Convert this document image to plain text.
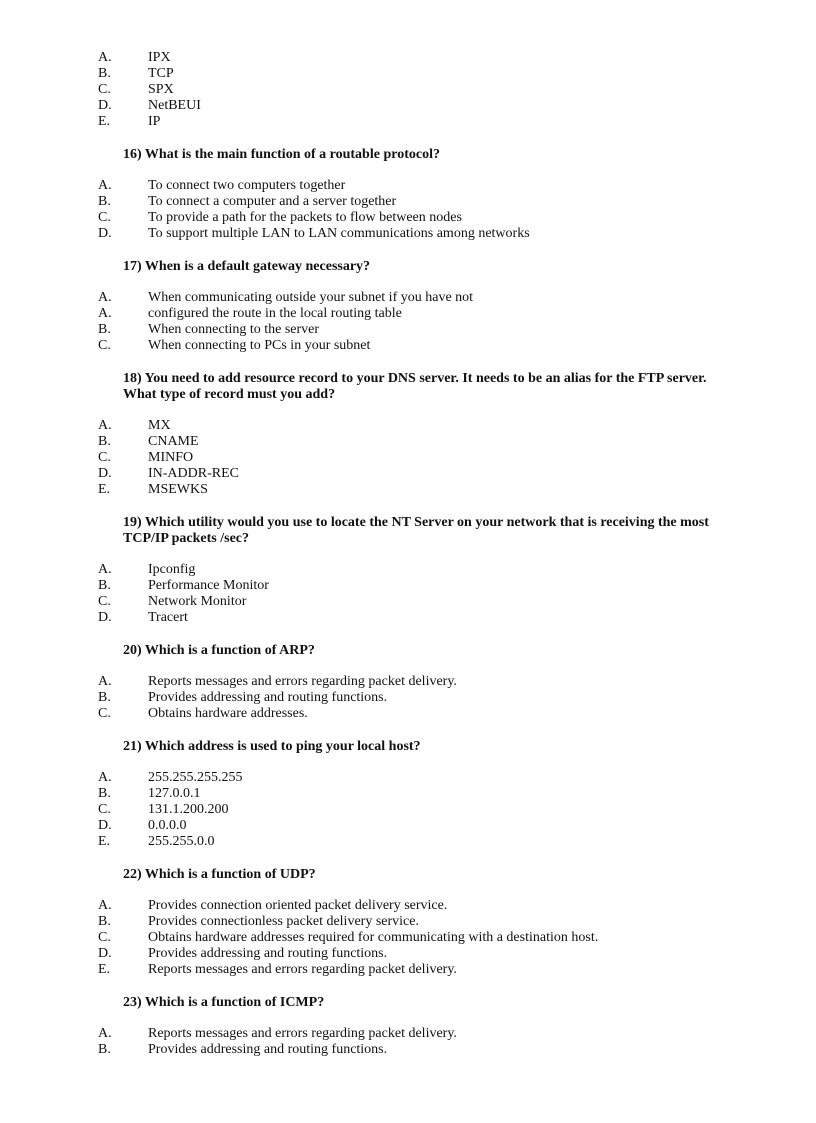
A.	IPX
B.	TCP
C.	SPX
D.	NetBEUI
E.	IP
16) What is the main function of a routable protocol?
A.	To connect two computers together
B.	To connect a computer and a server together
C.	To provide a path for the packets to flow between nodes
D.	To support multiple LAN to LAN communications among networks
17) When is a default gateway necessary?
A.	When communicating outside your subnet if you have not
A.	configured the route in the local routing table
B.	When connecting to the server
C.	When connecting to PCs in your subnet
18) You need to add resource record to your DNS server. It needs to be an alias for the FTP server. What type of record must you add?
A.	MX
B.	CNAME
C.	MINFO
D.	IN-ADDR-REC
E.	MSEWKS
19) Which utility would you use to locate the NT Server on your network that is receiving the most TCP/IP packets /sec?
A.	Ipconfig
B.	Performance Monitor
C.	Network Monitor
D.	Tracert
20) Which is a function of ARP?
A.	Reports messages and errors regarding packet delivery.
B.	Provides addressing and routing functions.
C.	Obtains hardware addresses.
21) Which address is used to ping your local host?
A.	255.255.255.255
B.	127.0.0.1
C.	131.1.200.200
D.	0.0.0.0
E.	255.255.0.0
22) Which is a function of UDP?
A.	Provides connection oriented packet delivery service.
B.	Provides connectionless packet delivery service.
C.	Obtains hardware addresses required for communicating with a destination host.
D.	Provides addressing and routing functions.
E.	Reports messages and errors regarding packet delivery.
23) Which is a function of ICMP?
A.	Reports messages and errors regarding packet delivery.
B.	Provides addressing and routing functions.
